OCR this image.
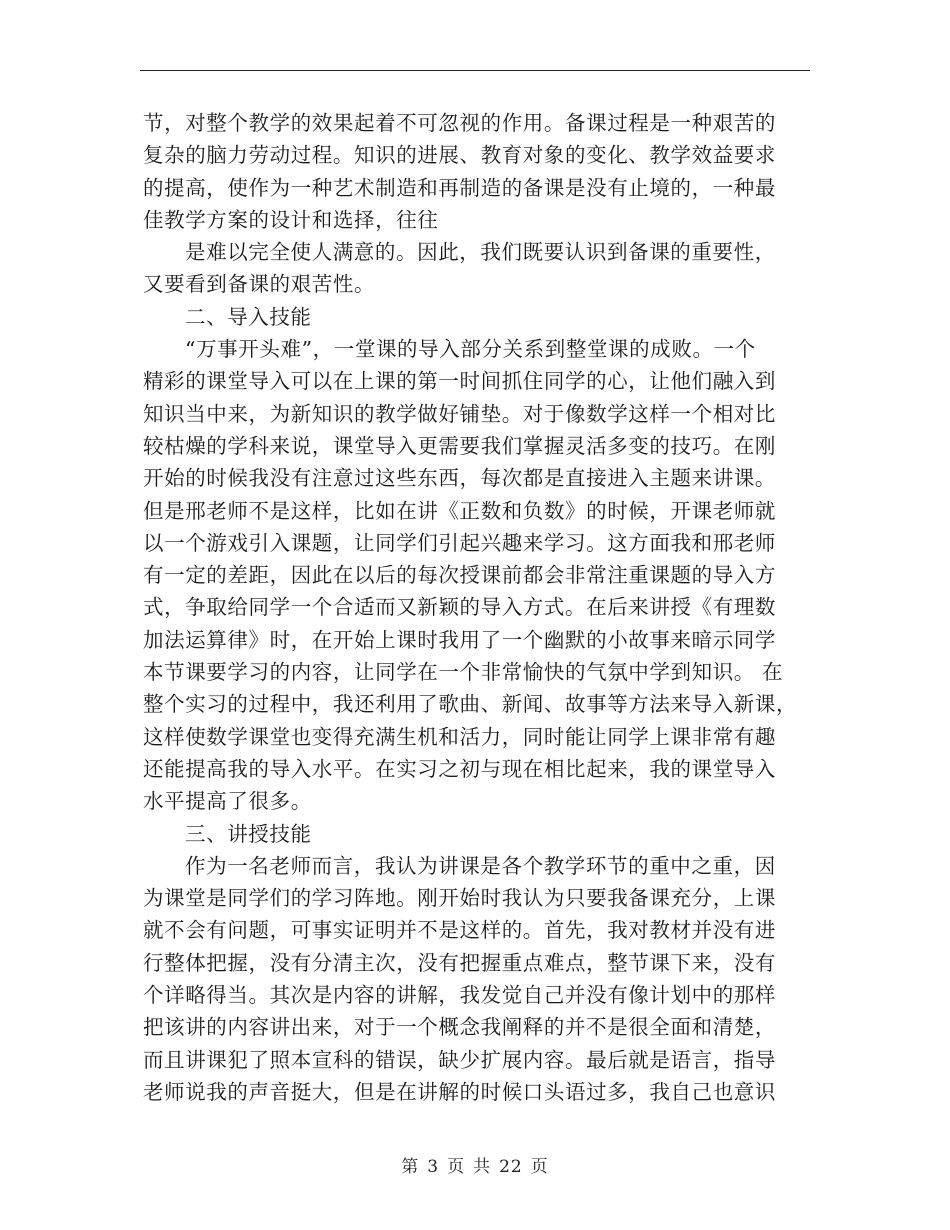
节，对整个教学的效果起着不可忽视的作用。备课过程是一种艰苦的
复杂的脑力劳动过程。知识的进展、教育对象的变化、教学效益要求
的提高，使作为一种艺术制造和再制造的备课是没有止境的，一种最
佳教学方案的设计和选择，往往
是难以完全使人满意的。因此，我们既要认识到备课的重要性，
又要看到备课的艰苦性。
二、导入技能
“万事开头难”，一堂课的导入部分关系到整堂课的成败。一个
精彩的课堂导入可以在上课的第一时间抓住同学的心，让他们融入到
知识当中来，为新知识的教学做好铺垫。对于像数学这样一个相对比
较枯燥的学科来说，课堂导入更需要我们掌握灵活多变的技巧。在刚
开始的时候我没有注意过这些东西，每次都是直接进入主题来讲课。
但是邢老师不是这样，比如在讲《正数和负数》的时候，开课老师就
以一个游戏引入课题，让同学们引起兴趣来学习。这方面我和邢老师
有一定的差距，因此在以后的每次授课前都会非常注重课题的导入方
式，争取给同学一个合适而又新颖的导入方式。在后来讲授《有理数
加法运算律》时，在开始上课时我用了一个幽默的小故事来暗示同学
本节课要学习的内容，让同学在一个非常愉快的气氛中学到知识。 在
整个实习的过程中，我还利用了歌曲、新闻、故事等方法来导入新课，
这样使数学课堂也变得充满生机和活力，同时能让同学上课非常有趣
还能提高我的导入水平。在实习之初与现在相比起来，我的课堂导入
水平提高了很多。
三、讲授技能
作为一名老师而言，我认为讲课是各个教学环节的重中之重，因
为课堂是同学们的学习阵地。刚开始时我认为只要我备课充分，上课
就不会有问题，可事实证明并不是这样的。首先，我对教材并没有进
行整体把握，没有分清主次，没有把握重点难点，整节课下来，没有
个详略得当。其次是内容的讲解，我发觉自己并没有像计划中的那样
把该讲的内容讲出来，对于一个概念我阐释的并不是很全面和清楚，
而且讲课犯了照本宣科的错误，缺少扩展内容。最后就是语言，指导
老师说我的声音挺大，但是在讲解的时候口头语过多，我自己也意识
第 3 页 共 22 页
